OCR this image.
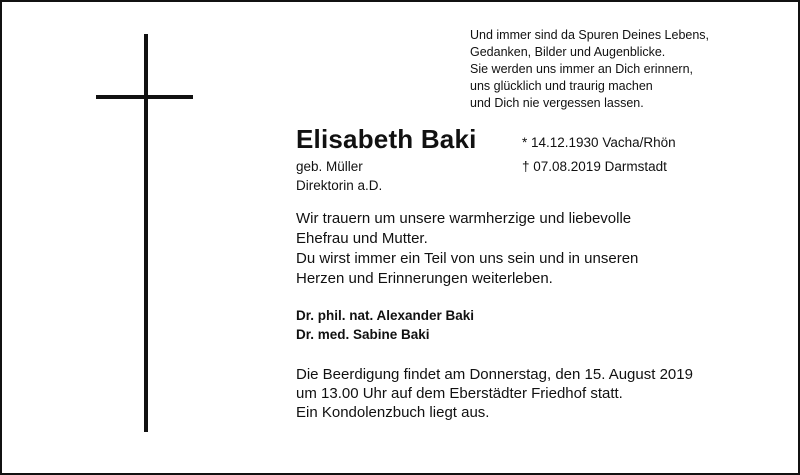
Und immer sind da Spuren Deines Lebens,
Gedanken, Bilder und Augenblicke.
Sie werden uns immer an Dich erinnern,
uns glücklich und traurig machen
und Dich nie vergessen lassen.
Elisabeth Baki	* 14.12.1930 Vacha/Rhön
† 07.08.2019 Darmstadt
geb. Müller
Direktorin a.D.
Wir trauern um unsere warmherzige und liebevolle
Ehefrau und Mutter.
Du wirst immer ein Teil von uns sein und in unseren
Herzen und Erinnerungen weiterleben.
Dr. phil. nat. Alexander Baki
Dr. med. Sabine Baki
Die Beerdigung findet am Donnerstag, den 15. August 2019
um 13.00 Uhr auf dem Eberstädter Friedhof statt.
Ein Kondolenzbuch liegt aus.
